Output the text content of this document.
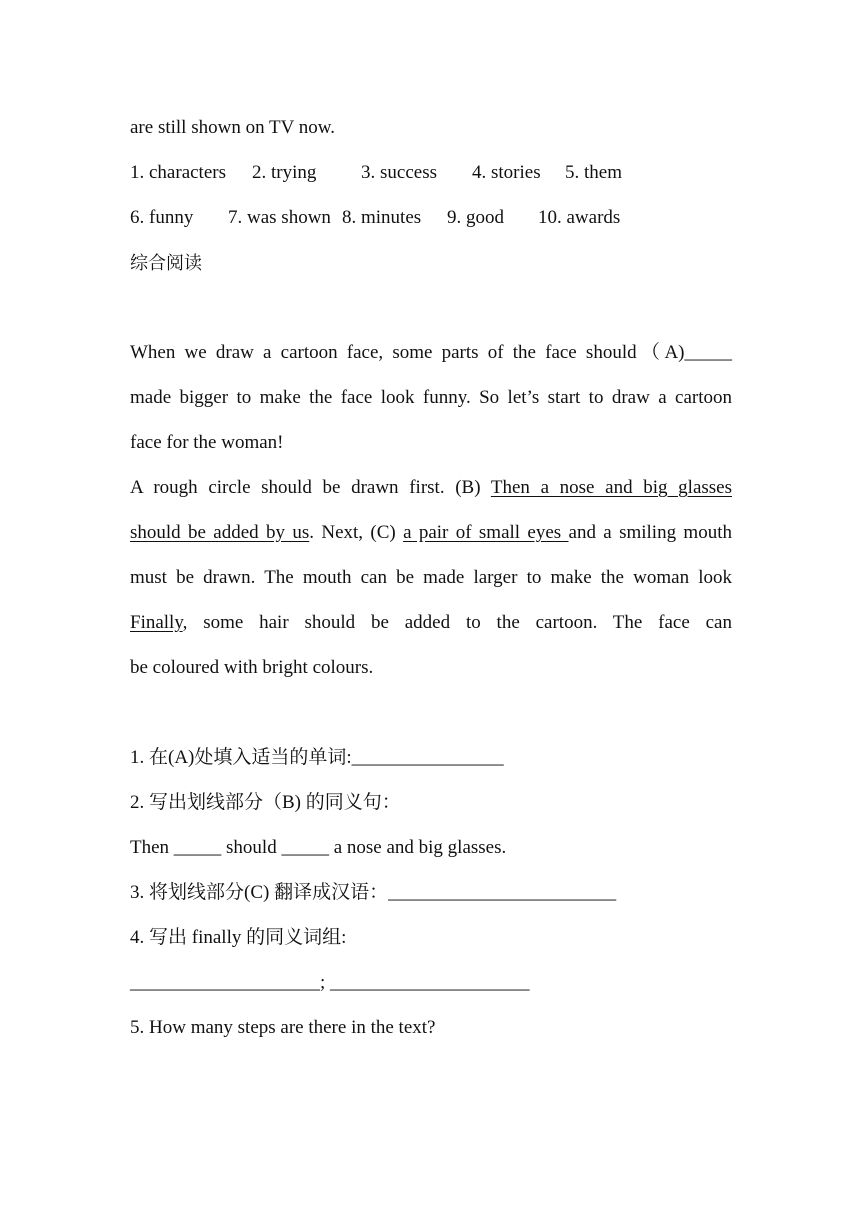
are still shown on TV now.
1. characters 2. trying 3. success 4. stories 5. them
6. funny 7. was shown 8. minutes 9. good 10. awards
综合阅读
When we draw a cartoon face, some parts of the face should（A)_____
made bigger to make the face look funny. So let’s start to draw a cartoon
face for the woman!
A rough circle should be drawn first. (B) Then a nose and big glasses
should be added by us. Next, (C) a pair of small eyes and a smiling mouth
must be drawn. The mouth can be made larger to make the woman look
Finally, some hair should be added to the cartoon. The face can
be coloured with bright colours.
1. 在(A)处填入适当的单词:________________
2. 写出划线部分（B) 的同义句：
Then _____ should _____ a nose and big glasses.
3. 将划线部分(C) 翻译成汉语：________________________
4. 写出 finally 的同义词组:
____________________; _____________________
5. How many steps are there in the text?
